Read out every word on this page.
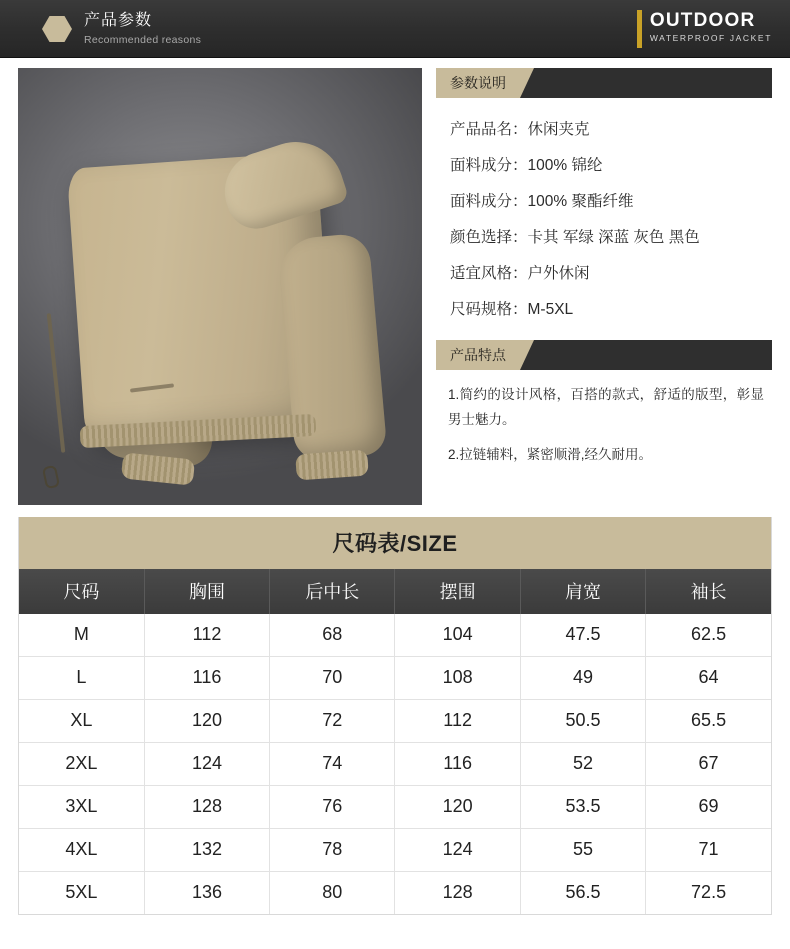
产品参数
Recommended reasons
OUTDOOR
WATERPROOF JACKET
参数说明
产品品名：休闲夹克
面料成分：100% 锦纶
面料成分：100% 聚酯纤维
颜色选择：卡其 军绿 深蓝 灰色 黑色
适宜风格：户外休闲
尺码规格：M-5XL
产品特点
1.简约的设计风格，百搭的款式，舒适的版型，彰显男士魅力。
2.拉链辅料，紧密顺滑,经久耐用。
尺码表/SIZE
尺码	胸围	后中长	摆围	肩宽	袖长
M	112	68	104	47.5	62.5
L	116	70	108	49	64
XL	120	72	112	50.5	65.5
2XL	124	74	116	52	67
3XL	128	76	120	53.5	69
4XL	132	78	124	55	71
5XL	136	80	128	56.5	72.5
